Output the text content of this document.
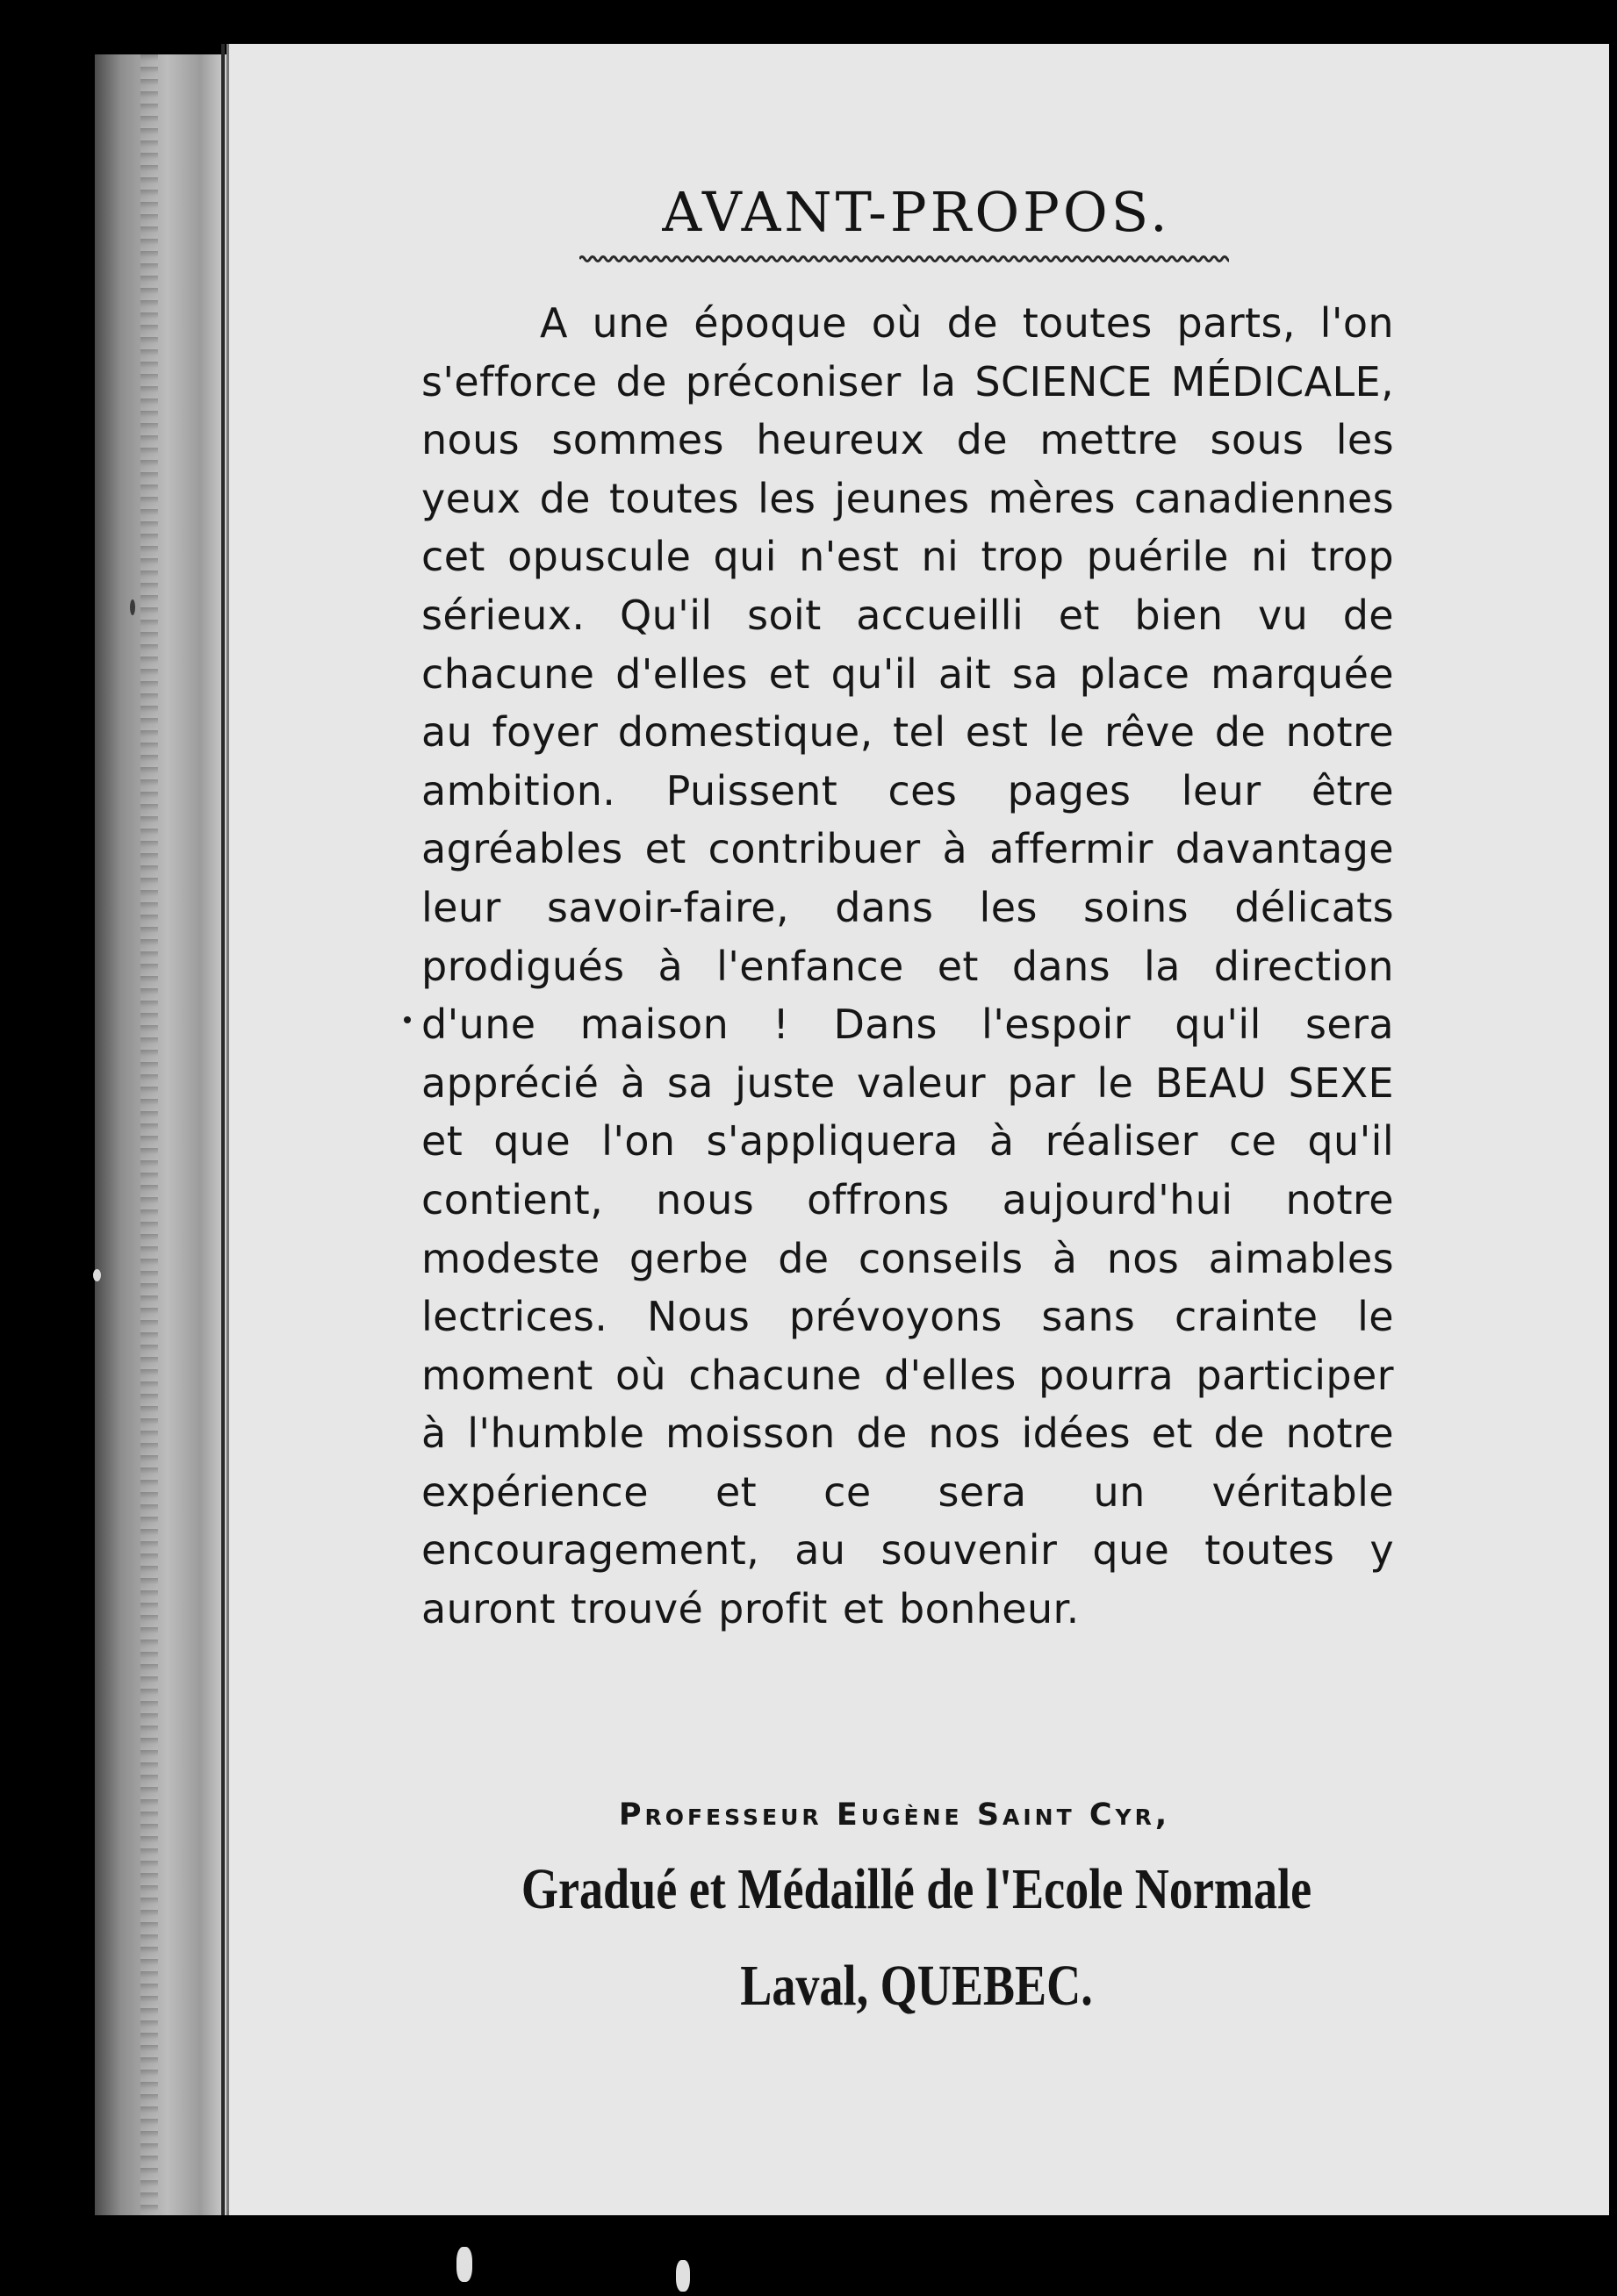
AVANT-PROPOS.

A une époque où de toutes parts, l'on s'efforce de préconiser la SCIENCE MÉDICALE, nous sommes heureux de mettre sous les yeux de toutes les jeunes mères canadiennes cet opuscule qui n'est ni trop puérile ni trop sérieux. Qu'il soit accueilli et bien vu de chacune d'elles et qu'il ait sa place marquée au foyer domestique, tel est le rêve de notre ambition. Puissent ces pages leur être agréables et contribuer à affermir davantage leur savoir-faire, dans les soins délicats prodigués à l'enfance et dans la direction d'une maison ! Dans l'espoir qu'il sera apprécié à sa juste valeur par le BEAU SEXE et que l'on s'appliquera à réaliser ce qu'il contient, nous offrons aujourd'hui notre modeste gerbe de conseils à nos aimables lectrices. Nous prévoyons sans crainte le moment où chacune d'elles pourra participer à l'humble moisson de nos idées et de notre expérience et ce sera un véritable encouragement, au souvenir que toutes y auront trouvé profit et bonheur.

Professeur Eugène Saint Cyr,
Gradué et Médaillé de l'Ecole Normale
Laval, QUEBEC.
